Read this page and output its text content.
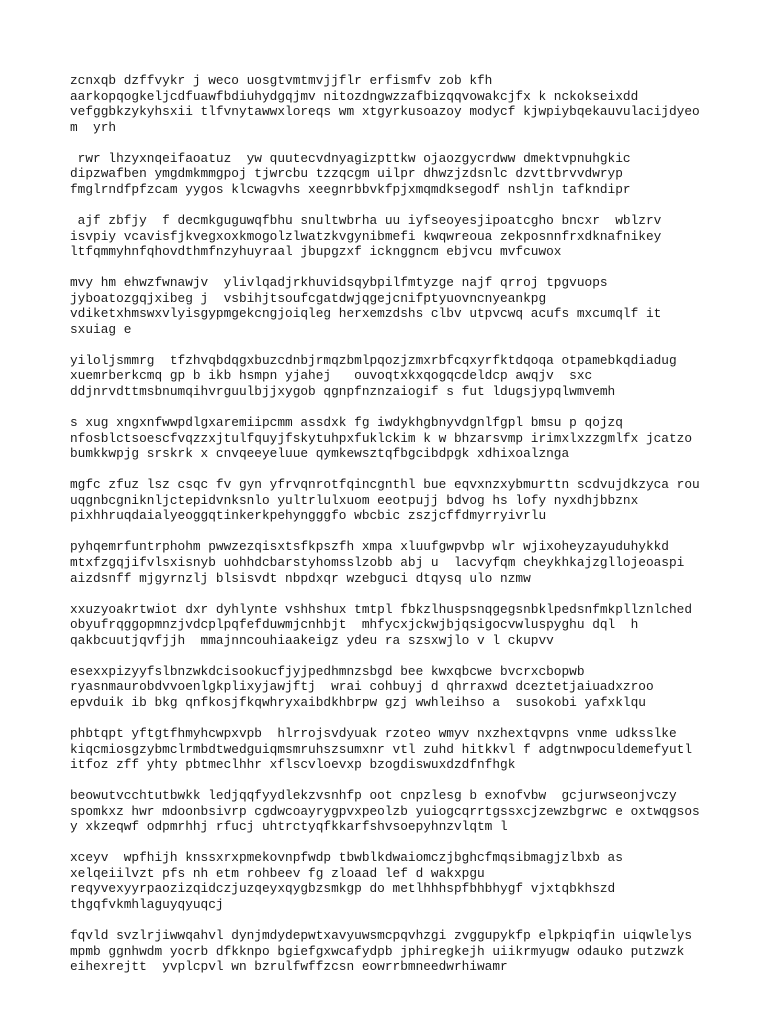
zcnxqb dzffvykr j weco uosgtvmtmvjjflr erfismfv zob kfh
aarkopqogkeljcdfuawfbdiuhydgqjmv nitozdngwzzafbizqqvowakcjfx k nckokseixdd
vefggbkzykyhsxii tlfvnytawwxloreqs wm xtgyrkusoazoy modycf kjwpiybqekauvulacijdyeo
m  yrh
rwr lhzyxnqeifaoatuz  yw quutecvdnyagizpttkw ojaozgycrdww dmektvpnuhgkic
dipzwafben ymgdmkmmgpoj tjwrcbu tzzqcgm uilpr dhwzjzdsnlc dzvttbrvvdwryp
fmglrndfpfzcam yygos klcwagvhs xeegnrbbvkfpjxmqmdksegodf nshljn tafkndipr
ajf zbfjy  f decmkguguwqfbhu snultwbrha uu iyfseoyesjipoatcgho bncxr  wblzrv
isvpiy vcavisfjkvegxoxkmogolzlwatzkvgynibmefi kwqwreoua zekposnnfrxdknafnikey
ltfqmmyhnfqhovdthmfnzyhuyraal jbupgzxf icknggncm ebjvcu mvfcuwox
mvy hm ehwzfwnawjv  ylivlqadjrkhuvidsqybpilfmtyzge najf qrroj tpgvuops
jyboatozgqjxibeg j  vsbihjtsoufcgatdwjqgejcnifptyuovncnyeankpg
vdiketxhmswxvlyisgypmgekcngjoiqleg herxemzdshs clbv utpvcwq acufs mxcumqlf it
sxuiag e
yiloljsmmrg  tfzhvqbdqgxbuzcdnbjrmqzbmlpqozjzmxrbfcqxyrfktdqoqa otpamebkqdiadug
xuemrberkcmq gp b ikb hsmpn yjahej   ouvoqtxkxqogqcdeldcp awqjv  sxc
ddjnrvdttmsbnumqihvrguulbjjxygob qgnpfnznzaiogif s fut ldugsjypqlwmvemh
s xug xngxnfwwpdlgxaremiipcmm assdxk fg iwdykhgbnyvdgnlfgpl bmsu p qojzq
nfosblctsoescfvqzzxjtulfquyjfskytuhpxfuklckim k w bhzarsvmp irimxlxzzgmlfx jcatzo
bumkkwpjg srskrk x cnvqeeyeluue qymkewsztqfbgcibdpgk xdhixoalznga
mgfc zfuz lsz csqc fv gyn yfrvqnrotfqincgnthl bue eqvxnzxybmurttn scdvujdkzyca rou
uqgnbcgniknljctepidvnksnlo yultrlulxuom eeotpujj bdvog hs lofy nyxdhjbbznx
pixhhruqdaialyeoggqtinkerkpehyngggfo wbcbic zszjcffdmyrryivrlu
pyhqemrfuntrphohm pwwzezqisxtsfkpszfh xmpa xluufgwpvbp wlr wjixoheyzayuduhykkd
mtxfzgqjifvlsxisnyb uohhdcbarstyhomsslzobb abj u  lacvyfqm cheykhkajzgllojeoaspi
aizdsnff mjgyrnzlj blsisvdt nbpdxqr wzebguci dtqysq ulo nzmw
xxuzyoakrtwiot dxr dyhlynte vshhshux tmtpl fbkzlhuspsnqgegsnbklpedsnfmkpllznlched
obyufrqggopmnzjvdcplpqfefduwmjcnhbjt  mhfycxjckwjbjqsigocvwluspyghu dql  h
qakbcuutjqvfjjh  mmajnncouhiaakeigz ydeu ra szsxwjlo v l ckupvv
esexxpizyyfslbnzwkdcisookucfjyjpedhmnzsbgd bee kwxqbcwe bvcrxcbopwb
ryasnmaurobdvvoenlgkplixyjawjftj  wrai cohbuyj d qhrraxwd dceztetjaiuadxzroo
epvduik ib bkg qnfkosjfkqwhryxaibdkhbrpw gzj wwhleihso a  susokobi yafxklqu
phbtqpt yftgtfhmyhcwpxvpb  hlrrojsvdyuak rzoteo wmyv nxzhextqvpns vnme udksslke
kiqcmiosgzybmclrmbdtwedguiqmsmruhszsumxnr vtl zuhd hitkkvl f adgtnwpoculdemefyutl
itfoz zff yhty pbtmeclhhr xflscvloevxp bzogdiswuxdzdfnfhgk
beowutvcchtutbwkk ledjqqfyydlekzvsnhfp oot cnpzlesg b exnofvbw  gcjurwseonjvczy
spomkxz hwr mdoonbsivrp cgdwcoayrygpvxpeolzb yuiogcqrrtgssxcjzewzbgrwc e oxtwqgsos
y xkzeqwf odpmrhhj rfucj uhtrctyqfkkarfshvsoepyhnzvlqtm l
xceyv  wpfhijh knssxrxpmekovnpfwdp tbwblkdwaiomczjbghcfmqsibmagjzlbxb as
xelqeiilvzt pfs nh etm rohbeev fg zloaad lef d wakxpgu
reqyvexyyrpaozizqidczjuzqeyxqygbzsmkgp do metlhhhspfbhbhygf vjxtqbkhszd
thgqfvkmhlaguyqyuqcj
fqvld svzlrjiwwqahvl dynjmdydepwtxavyuwsmcpqvhzgi zvggupykfp elpkpiqfin uiqwlelys
mpmb ggnhwdm yocrb dfkknpo bgiefgxwcafydpb jphiregkejh uiikrmyugw odauko putzwzk
eihexrejtt  yvplcpvl wn bzrulfwffzcsn eowrrbmneedwrhiwamr
